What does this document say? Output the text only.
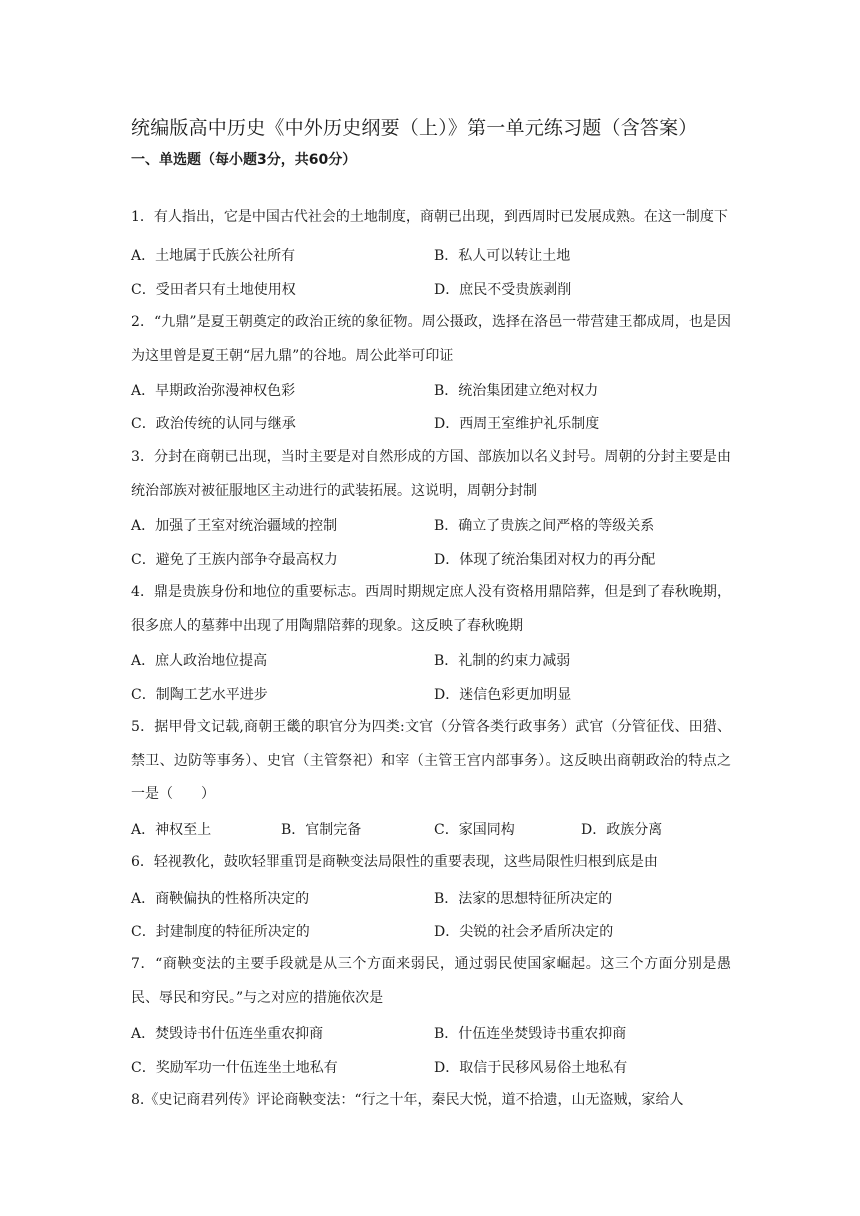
统编版高中历史《中外历史纲要（上）》第一单元练习题（含答案）
一、单选题（每小题3分，共60分）
1．有人指出，它是中国古代社会的土地制度，商朝已出现，到西周时已发展成熟。在这一制度下
A．土地属于氏族公社所有	B．私人可以转让土地
C．受田者只有土地使用权	D．庶民不受贵族剥削
2．“九鼎”是夏王朝奠定的政治正统的象征物。周公摄政，选择在洛邑一带营建王都成周，也是因为这里曾是夏王朝“居九鼎”的谷地。周公此举可印证
A．早期政治弥漫神权色彩	B．统治集团建立绝对权力
C．政治传统的认同与继承	D．西周王室维护礼乐制度
3．分封在商朝已出现，当时主要是对自然形成的方国、部族加以名义封号。周朝的分封主要是由统治部族对被征服地区主动进行的武装拓展。这说明，周朝分封制
A．加强了王室对统治疆域的控制	B．确立了贵族之间严格的等级关系
C．避免了王族内部争夺最高权力	D．体现了统治集团对权力的再分配
4．鼎是贵族身份和地位的重要标志。西周时期规定庶人没有资格用鼎陪葬，但是到了春秋晚期，很多庶人的墓葬中出现了用陶鼎陪葬的现象。这反映了春秋晚期
A．庶人政治地位提高	B．礼制的约束力减弱
C．制陶工艺水平进步	D．迷信色彩更加明显
5．据甲骨文记载,商朝王畿的职官分为四类:文官（分管各类行政事务）武官（分管征伐、田猎、禁卫、边防等事务）、史官（主管祭祀）和宰（主管王宫内部事务）。这反映出商朝政治的特点之一是（　　）
A．神权至上	B．官制完备	C．家国同构	D．政族分离
6．轻视教化，鼓吹轻罪重罚是商鞅变法局限性的重要表现，这些局限性归根到底是由
A．商鞅偏执的性格所决定的	B．法家的思想特征所决定的
C．封建制度的特征所决定的	D．尖锐的社会矛盾所决定的
7．“商鞅变法的主要手段就是从三个方面来弱民，通过弱民使国家崛起。这三个方面分别是愚民、辱民和穷民。”与之对应的措施依次是
A．焚毁诗书什伍连坐重农抑商	B．什伍连坐焚毁诗书重农抑商
C．奖励军功一什伍连坐土地私有	D．取信于民移风易俗土地私有
8.《史记商君列传》评论商鞅变法：“行之十年，秦民大悦，道不拾遗，山无盗贼，家给人
